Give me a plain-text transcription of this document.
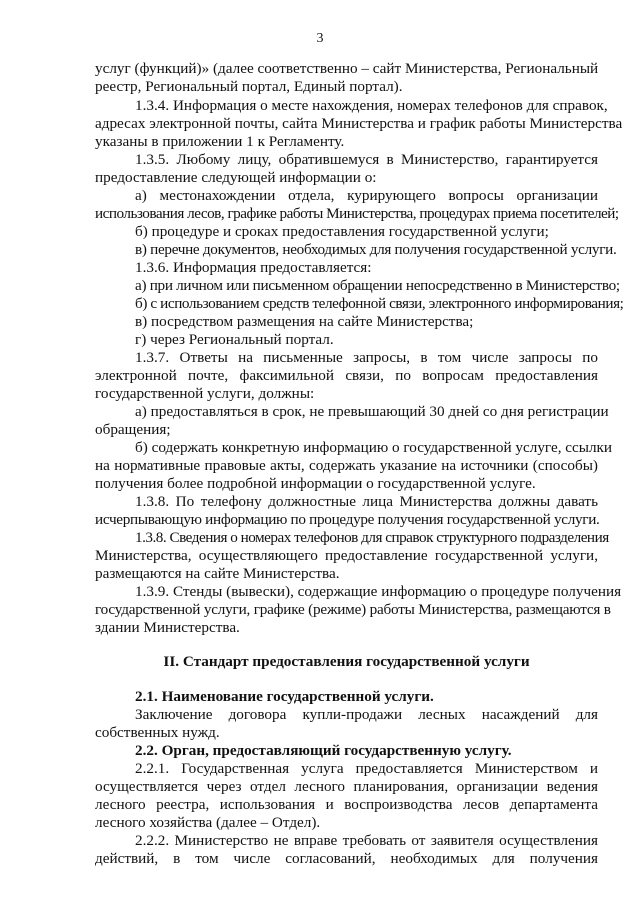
3
услуг (функций)» (далее соответственно – сайт Министерства, Региональный
реестр, Региональный портал, Единый портал).
1.3.4. Информация о месте нахождения, номерах телефонов для справок,
адресах электронной почты, сайта Министерства и график работы Министерства
указаны в приложении 1 к Регламенту.
1.3.5. Любому лицу, обратившемуся в Министерство, гарантируется
предоставление следующей информации о:
а) местонахождении отдела, курирующего вопросы организации
использования лесов, графике работы Министерства, процедурах приема посетителей;
б) процедуре и сроках предоставления государственной услуги;
в) перечне документов, необходимых для получения государственной услуги.
1.3.6. Информация предоставляется:
а) при личном или письменном обращении непосредственно в Министерство;
б) с использованием средств телефонной связи, электронного информирования;
в) посредством размещения на сайте Министерства;
г) через Региональный портал.
1.3.7. Ответы на письменные запросы, в том числе запросы по
электронной почте, факсимильной связи, по вопросам предоставления
государственной услуги, должны:
а) предоставляться в срок, не превышающий 30 дней со дня регистрации
обращения;
б) содержать конкретную информацию о государственной услуге, ссылки
на нормативные правовые акты, содержать указание на источники (способы)
получения более подробной информации о государственной услуге.
1.3.8. По телефону должностные лица Министерства должны давать
исчерпывающую информацию по процедуре получения государственной услуги.
1.3.8. Сведения о номерах телефонов для справок структурного подразделения
Министерства, осуществляющего предоставление государственной услуги,
размещаются на сайте Министерства.
1.3.9. Стенды (вывески), содержащие информацию о процедуре получения
государственной услуги, графике (режиме) работы Министерства, размещаются в
здании Министерства.
II. Стандарт предоставления государственной услуги
2.1. Наименование государственной услуги.
Заключение договора купли-продажи лесных насаждений для
собственных нужд.
2.2. Орган, предоставляющий государственную услугу.
2.2.1. Государственная услуга предоставляется Министерством и
осуществляется через отдел лесного планирования, организации ведения
лесного реестра, использования и воспроизводства лесов департамента
лесного хозяйства (далее – Отдел).
2.2.2. Министерство не вправе требовать от заявителя осуществления
действий, в том числе согласований, необходимых для получения
